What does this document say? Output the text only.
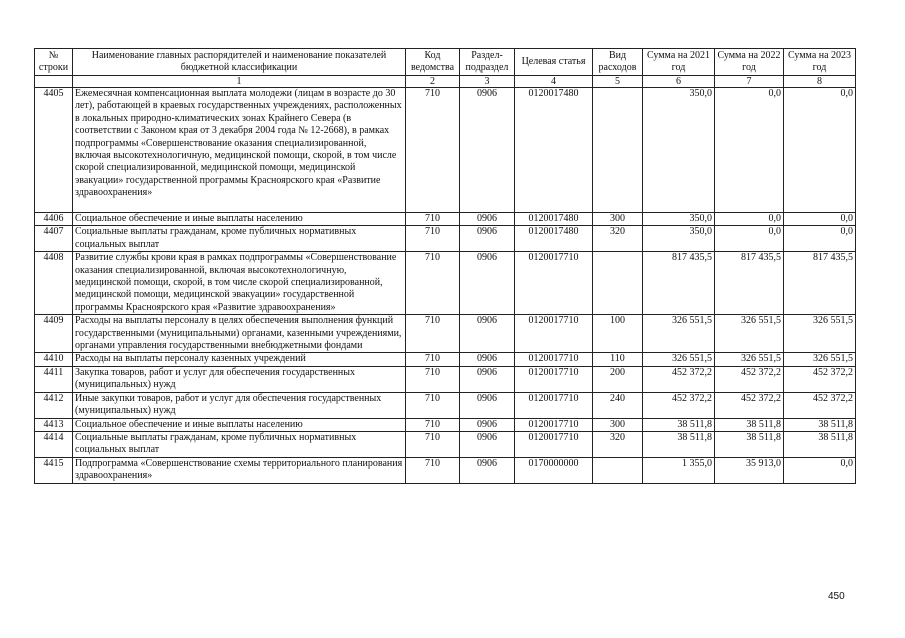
№ строки	Наименование главных распорядителей и наименование показателей бюджетной классификации	Код ведомства	Раздел-подраздел	Целевая статья	Вид расходов	Сумма на 2021 год	Сумма на 2022 год	Сумма на 2023 год
	1	2	3	4	5	6	7	8
4405	Ежемесячная компенсационная выплата молодежи (лицам в возрасте до 30 лет), работающей в краевых государственных учреждениях, расположенных в локальных природно-климатических зонах Крайнего Севера (в соответствии с Законом края от 3 декабря 2004 года № 12-2668), в рамках подпрограммы «Совершенствование оказания специализированной, включая высокотехнологичную, медицинской помощи, скорой, в том числе скорой специализированной, медицинской помощи, медицинской эвакуации» государственной программы Красноярского края «Развитие здравоохранения»	710	0906	0120017480		350,0	0,0	0,0
4406	Социальное обеспечение и иные выплаты населению	710	0906	0120017480	300	350,0	0,0	0,0
4407	Социальные выплаты гражданам, кроме публичных нормативных социальных выплат	710	0906	0120017480	320	350,0	0,0	0,0
4408	Развитие службы крови края в рамках подпрограммы «Совершенствование оказания специализированной, включая высокотехнологичную, медицинской помощи, скорой, в том числе скорой специализированной, медицинской помощи, медицинской эвакуации» государственной программы Красноярского края «Развитие здравоохранения»	710	0906	0120017710		817 435,5	817 435,5	817 435,5
4409	Расходы на выплаты персоналу в целях обеспечения выполнения функций государственными (муниципальными) органами, казенными учреждениями, органами управления государственными внебюджетными фондами	710	0906	0120017710	100	326 551,5	326 551,5	326 551,5
4410	Расходы на выплаты персоналу казенных учреждений	710	0906	0120017710	110	326 551,5	326 551,5	326 551,5
4411	Закупка товаров, работ и услуг для обеспечения государственных (муниципальных) нужд	710	0906	0120017710	200	452 372,2	452 372,2	452 372,2
4412	Иные закупки товаров, работ и услуг для обеспечения государственных (муниципальных) нужд	710	0906	0120017710	240	452 372,2	452 372,2	452 372,2
4413	Социальное обеспечение и иные выплаты населению	710	0906	0120017710	300	38 511,8	38 511,8	38 511,8
4414	Социальные выплаты гражданам, кроме публичных нормативных социальных выплат	710	0906	0120017710	320	38 511,8	38 511,8	38 511,8
4415	Подпрограмма «Совершенствование схемы территориального планирования здравоохранения»	710	0906	0170000000		1 355,0	35 913,0	0,0
450
